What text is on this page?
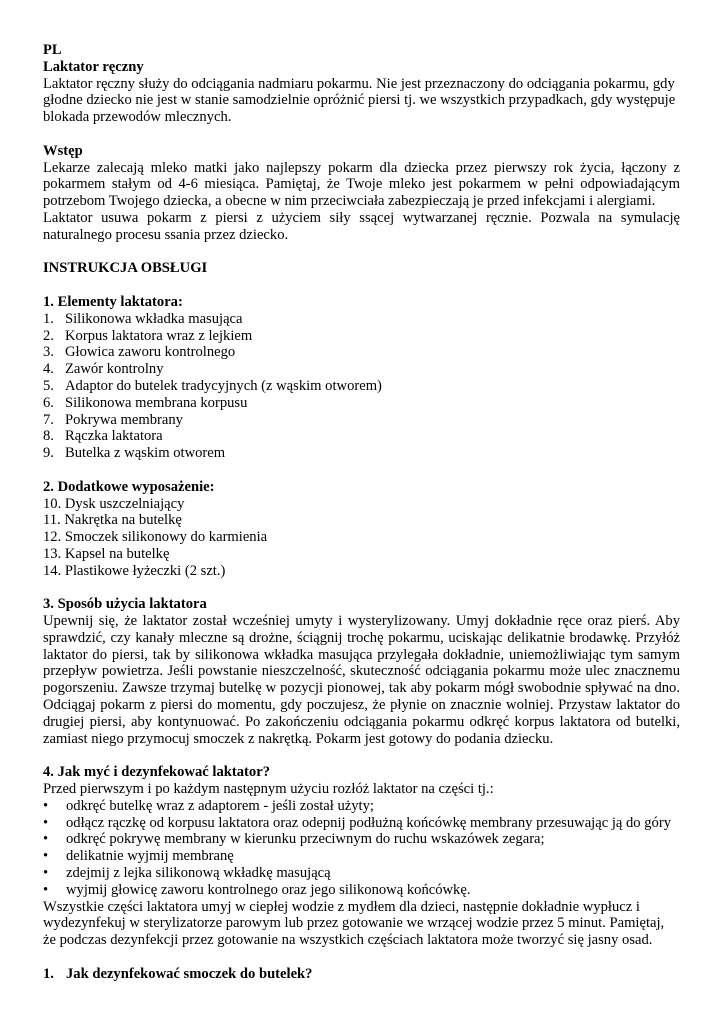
PL

Laktator ręczny

Laktator ręczny służy do odciągania nadmiaru pokarmu. Nie jest przeznaczony do odciągania pokarmu, gdy głodne dziecko nie jest w stanie samodzielnie opróżnić piersi tj. we wszystkich przypadkach, gdy występuje blokada przewodów mlecznych.

Wstęp

Lekarze zalecają mleko matki jako najlepszy pokarm dla dziecka przez pierwszy rok życia, łączony z pokarmem stałym od 4-6 miesiąca. Pamiętaj, że Twoje mleko jest pokarmem w pełni odpowiadającym potrzebom Twojego dziecka, a obecne w nim przeciwciała zabezpieczają je przed infekcjami i alergiami.

Laktator usuwa pokarm z piersi z użyciem siły ssącej wytwarzanej ręcznie. Pozwala na symulację naturalnego procesu ssania przez dziecko.

INSTRUKCJA OBSŁUGI

1. Elementy laktatora:

1. Silikonowa wkładka masująca
2. Korpus laktatora wraz z lejkiem
3. Głowica zaworu kontrolnego
4. Zawór kontrolny
5. Adaptor do butelek tradycyjnych (z wąskim otworem)
6. Silikonowa membrana korpusu
7. Pokrywa membrany
8. Rączka laktatora
9. Butelka z wąskim otworem

2. Dodatkowe wyposażenie:

10. Dysk uszczelniający

11. Nakrętka na butelkę

12. Smoczek silikonowy do karmienia

13. Kapsel na butelkę

14. Plastikowe łyżeczki (2 szt.)

3. Sposób użycia laktatora

Upewnij się, że laktator został wcześniej umyty i wysterylizowany. Umyj dokładnie ręce oraz pierś. Aby sprawdzić, czy kanały mleczne są drożne, ściągnij trochę pokarmu, uciskając delikatnie brodawkę. Przyłóż laktator do piersi, tak by silikonowa wkładka masująca przylegała dokładnie, uniemożliwiając tym samym przepływ powietrza. Jeśli powstanie nieszczelność, skuteczność odciągania pokarmu może ulec znacznemu pogorszeniu. Zawsze trzymaj butelkę w pozycji pionowej, tak aby pokarm mógł swobodnie spływać na dno. Odciągaj pokarm z piersi do momentu, gdy poczujesz, że płynie on znacznie wolniej. Przystaw laktator do drugiej piersi, aby kontynuować. Po zakończeniu odciągania pokarmu odkręć korpus laktatora od butelki, zamiast niego przymocuj smoczek z nakrętką. Pokarm jest gotowy do podania dziecku.

4. Jak myć i dezynfekować laktator?

Przed pierwszym i po każdym następnym użyciu rozłóż laktator na części tj.:

•	odkręć butelkę wraz z adaptorem - jeśli został użyty;
•	odłącz rączkę od korpusu laktatora oraz odepnij podłużną końcówkę membrany przesuwając ją do góry
•	odkręć pokrywę membrany w kierunku przeciwnym do ruchu wskazówek zegara;
•	delikatnie wyjmij membranę
•	zdejmij z lejka silikonową wkładkę masującą
•	wyjmij głowicę zaworu kontrolnego oraz jego silikonową końcówkę.

Wszystkie części laktatora umyj w ciepłej wodzie z mydłem dla dzieci, następnie dokładnie wypłucz i wydezynfekuj w sterylizatorze parowym lub przez gotowanie we wrzącej wodzie przez 5 minut. Pamiętaj, że podczas dezynfekcji przez gotowanie na wszystkich częściach laktatora może tworzyć się jasny osad.

1. Jak dezynfekować smoczek do butelek?
